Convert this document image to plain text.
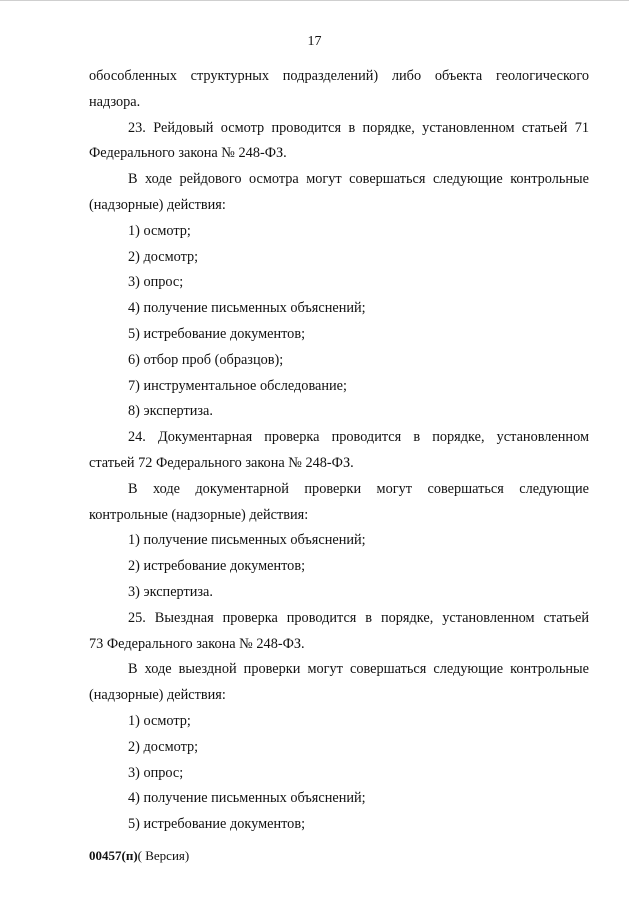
17
обособленных структурных подразделений) либо объекта геологического
надзора.
23. Рейдовый осмотр проводится в порядке, установленном статьей 71
Федерального закона № 248-ФЗ.
В ходе рейдового осмотра могут совершаться следующие контрольные
(надзорные) действия:
1) осмотр;
2) досмотр;
3) опрос;
4) получение письменных объяснений;
5) истребование документов;
6) отбор проб (образцов);
7) инструментальное обследование;
8) экспертиза.
24. Документарная проверка проводится в порядке, установленном
статьей 72 Федерального закона № 248-ФЗ.
В ходе документарной проверки могут совершаться следующие
контрольные (надзорные) действия:
1) получение письменных объяснений;
2) истребование документов;
3) экспертиза.
25. Выездная проверка проводится в порядке, установленном статьей
73 Федерального закона № 248-ФЗ.
В ходе выездной проверки могут совершаться следующие контрольные
(надзорные) действия:
1) осмотр;
2) досмотр;
3) опрос;
4) получение письменных объяснений;
5) истребование документов;
00457(п)( Версия)
